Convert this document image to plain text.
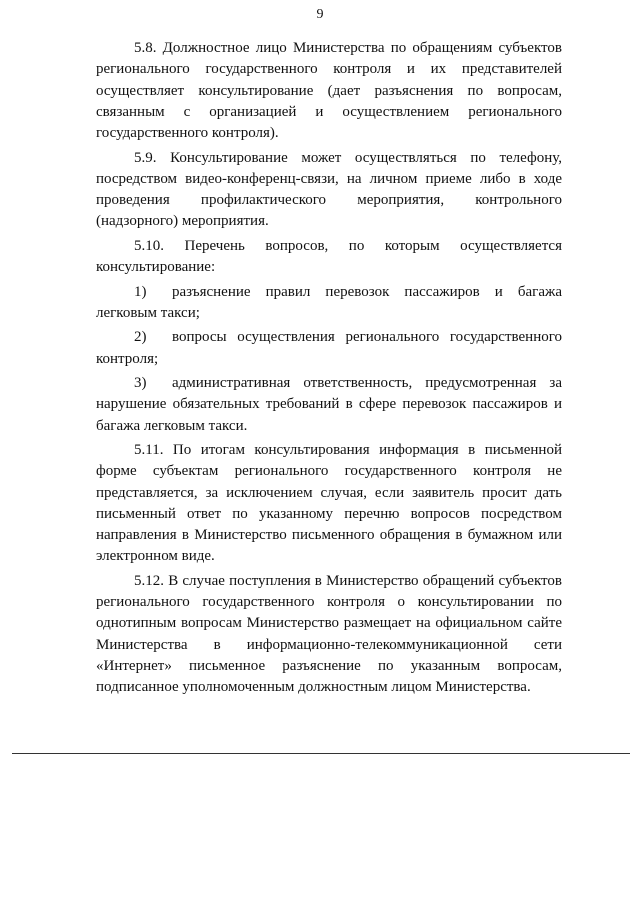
9

5.8. Должностное лицо Министерства по обращениям субъектов регионального государственного контроля и их представителей осуществляет консультирование (дает разъяснения по вопросам, связанным с организацией и осуществлением регионального государственного контроля).

5.9. Консультирование может осуществляться по телефону, посредством видео-конференц-связи, на личном приеме либо в ходе проведения профилактического мероприятия, контрольного (надзорного) мероприятия.

5.10. Перечень вопросов, по которым осуществляется консультирование:

1) разъяснение правил перевозок пассажиров и багажа легковым такси;

2) вопросы осуществления регионального государственного контроля;

3) административная ответственность, предусмотренная за нарушение обязательных требований в сфере перевозок пассажиров и багажа легковым такси.

5.11. По итогам консультирования информация в письменной форме субъектам регионального государственного контроля не представляется, за исключением случая, если заявитель просит дать письменный ответ по указанному перечню вопросов посредством направления в Министерство письменного обращения в бумажном или электронном виде.

5.12. В случае поступления в Министерство обращений субъектов регионального государственного контроля о консультировании по однотипным вопросам Министерство размещает на официальном сайте Министерства в информационно-телекоммуникационной сети «Интернет» письменное разъяснение по указанным вопросам, подписанное уполномоченным должностным лицом Министерства.
